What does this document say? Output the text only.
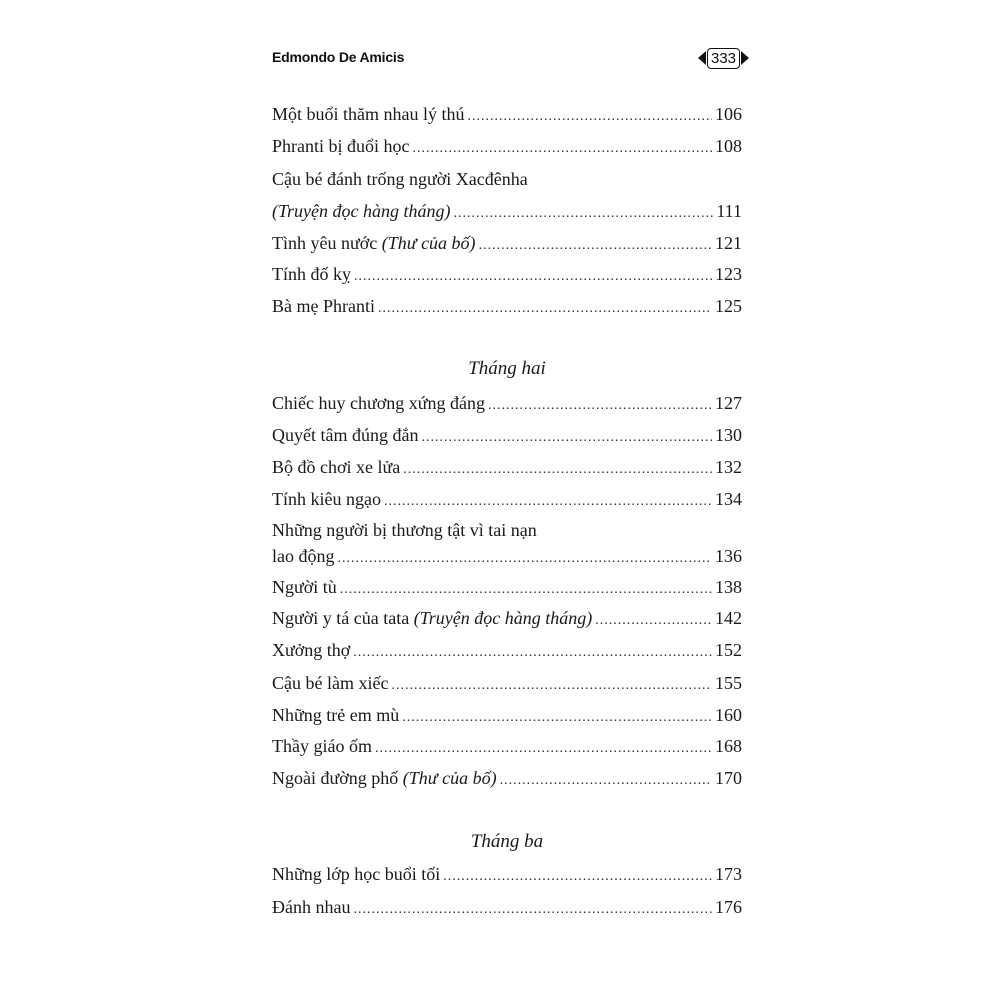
Edmondo De Amicis	333
Một buổi thăm nhau lý thú .....	106
Phranti bị đuổi học .....	108
Cậu bé đánh trống người Xacđênha
(Truyện đọc hàng tháng) .....	111
Tình yêu nước (Thư của bố) .....	121
Tính đố kỵ .....	123
Bà mẹ Phranti .....	125
Tháng hai
Chiếc huy chương xứng đáng .....	127
Quyết tâm đúng đắn .....	130
Bộ đồ chơi xe lửa .....	132
Tính kiêu ngạo .....	134
Những người bị thương tật vì tai nạn
lao động .....	136
Người tù .....	138
Người y tá của tata (Truyện đọc hàng tháng) .....	142
Xưởng thợ .....	152
Cậu bé làm xiếc .....	155
Những trẻ em mù .....	160
Thầy giáo ốm .....	168
Ngoài đường phố (Thư của bố) .....	170
Tháng ba
Những lớp học buổi tối .....	173
Đánh nhau .....	176
